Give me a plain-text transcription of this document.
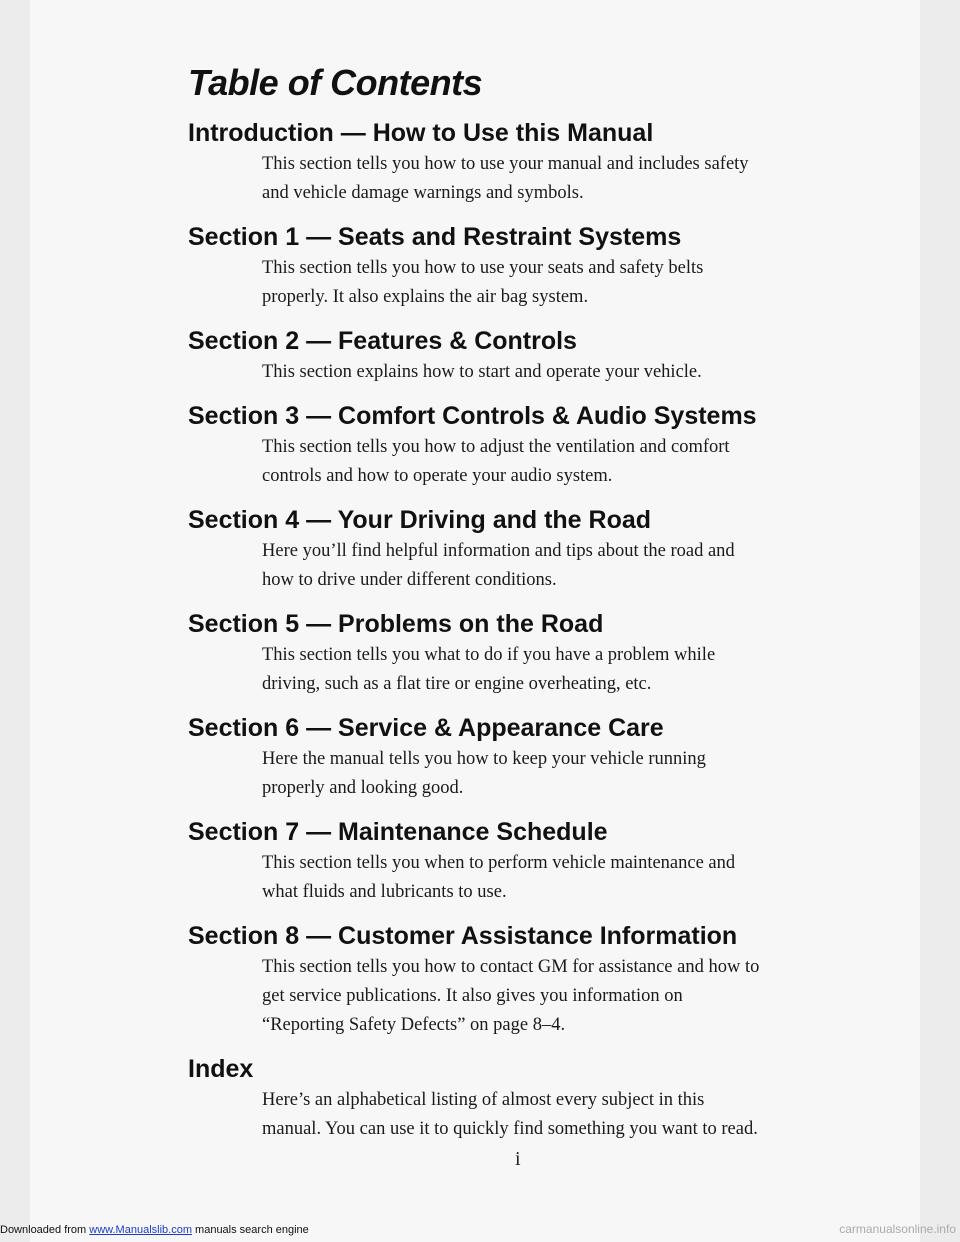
Table of Contents
Introduction — How to Use this Manual

This section tells you how to use your manual and includes safety
and vehicle damage warnings and symbols.

Section 1 — Seats and Restraint Systems

This section tells you how to use your seats and safety belts
properly. It also explains the air bag system.

Section 2 — Features & Controls

This section explains how to start and operate your vehicle.

Section 3 — Comfort Controls & Audio Systems

This section tells you how to adjust the ventilation and comfort
controls and how to operate your audio system.

Section 4 — Your Driving and the Road

Here you’ll find helpful information and tips about the road and
how to drive under different conditions.

Section 5 — Problems on the Road

This section tells you what to do if you have a problem while
driving, such as a flat tire or engine overheating, etc.

Section 6 — Service & Appearance Care

Here the manual tells you how to keep your vehicle running
properly and looking good.

Section 7 — Maintenance Schedule

This section tells you when to perform vehicle maintenance and
what fluids and lubricants to use.

Section 8 — Customer Assistance Information

This section tells you how to contact GM for assistance and how to
get service publications. It also gives you information on
“Reporting Safety Defects” on page 8–4.

Index

Here’s an alphabetical listing of almost every subject in this
manual. You can use it to quickly find something you want to read.

i
Downloaded from www.Manualslib.com manuals search engine	carmanualsonline.info
